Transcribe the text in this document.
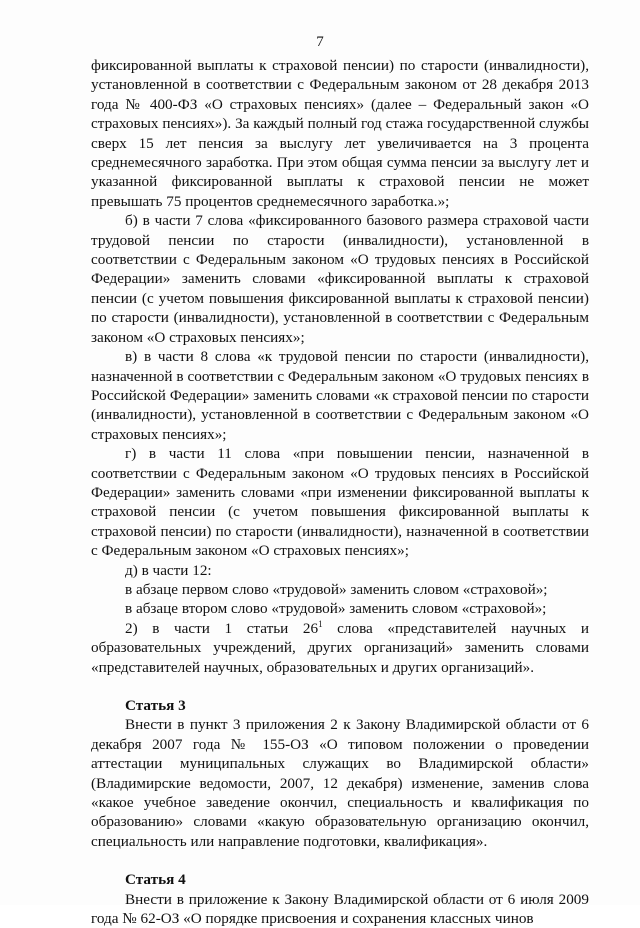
7

фиксированной выплаты к страховой пенсии) по старости (инвалидности), установленной в соответствии с Федеральным законом от 28 декабря 2013 года № 400-ФЗ «О страховых пенсиях» (далее – Федеральный закон «О страховых пенсиях»). За каждый полный год стажа государственной службы сверх 15 лет пенсия за выслугу лет увеличивается на 3 процента среднемесячного заработка. При этом общая сумма пенсии за выслугу лет и указанной фиксированной выплаты к страховой пенсии не может превышать 75 процентов среднемесячного заработка.»;

б) в части 7 слова «фиксированного базового размера страховой части трудовой пенсии по старости (инвалидности), установленной в соответствии с Федеральным законом «О трудовых пенсиях в Российской Федерации» заменить словами «фиксированной выплаты к страховой пенсии (с учетом повышения фиксированной выплаты к страховой пенсии) по старости (инвалидности), установленной в соответствии с Федеральным законом «О страховых пенсиях»;

в) в части 8 слова «к трудовой пенсии по старости (инвалидности), назначенной в соответствии с Федеральным законом «О трудовых пенсиях в Российской Федерации» заменить словами «к страховой пенсии по старости (инвалидности), установленной в соответствии с Федеральным законом «О страховых пенсиях»;

г) в части 11 слова «при повышении пенсии, назначенной в соответствии с Федеральным законом «О трудовых пенсиях в Российской Федерации» заменить словами «при изменении фиксированной выплаты к страховой пенсии (с учетом повышения фиксированной выплаты к страховой пенсии) по старости (инвалидности), назначенной в соответствии с Федеральным законом «О страховых пенсиях»;

д) в части 12:

в абзаце первом слово «трудовой» заменить словом «страховой»;

в абзаце втором слово «трудовой» заменить словом «страховой»;

2) в части 1 статьи $26^1$ слова «представителей научных и образовательных учреждений, других организаций» заменить словами «представителей научных, образовательных и других организаций».

Статья 3

Внести в пункт 3 приложения 2 к Закону Владимирской области от 6 декабря 2007 года № 155-ОЗ «О типовом положении о проведении аттестации муниципальных служащих во Владимирской области» (Владимирские ведомости, 2007, 12 декабря) изменение, заменив слова «какое учебное заведение окончил, специальность и квалификация по образованию» словами «какую образовательную организацию окончил, специальность или направление подготовки, квалификация».

Статья 4

Внести в приложение к Закону Владимирской области от 6 июля 2009 года № 62-ОЗ «О порядке присвоения и сохранения классных чинов
